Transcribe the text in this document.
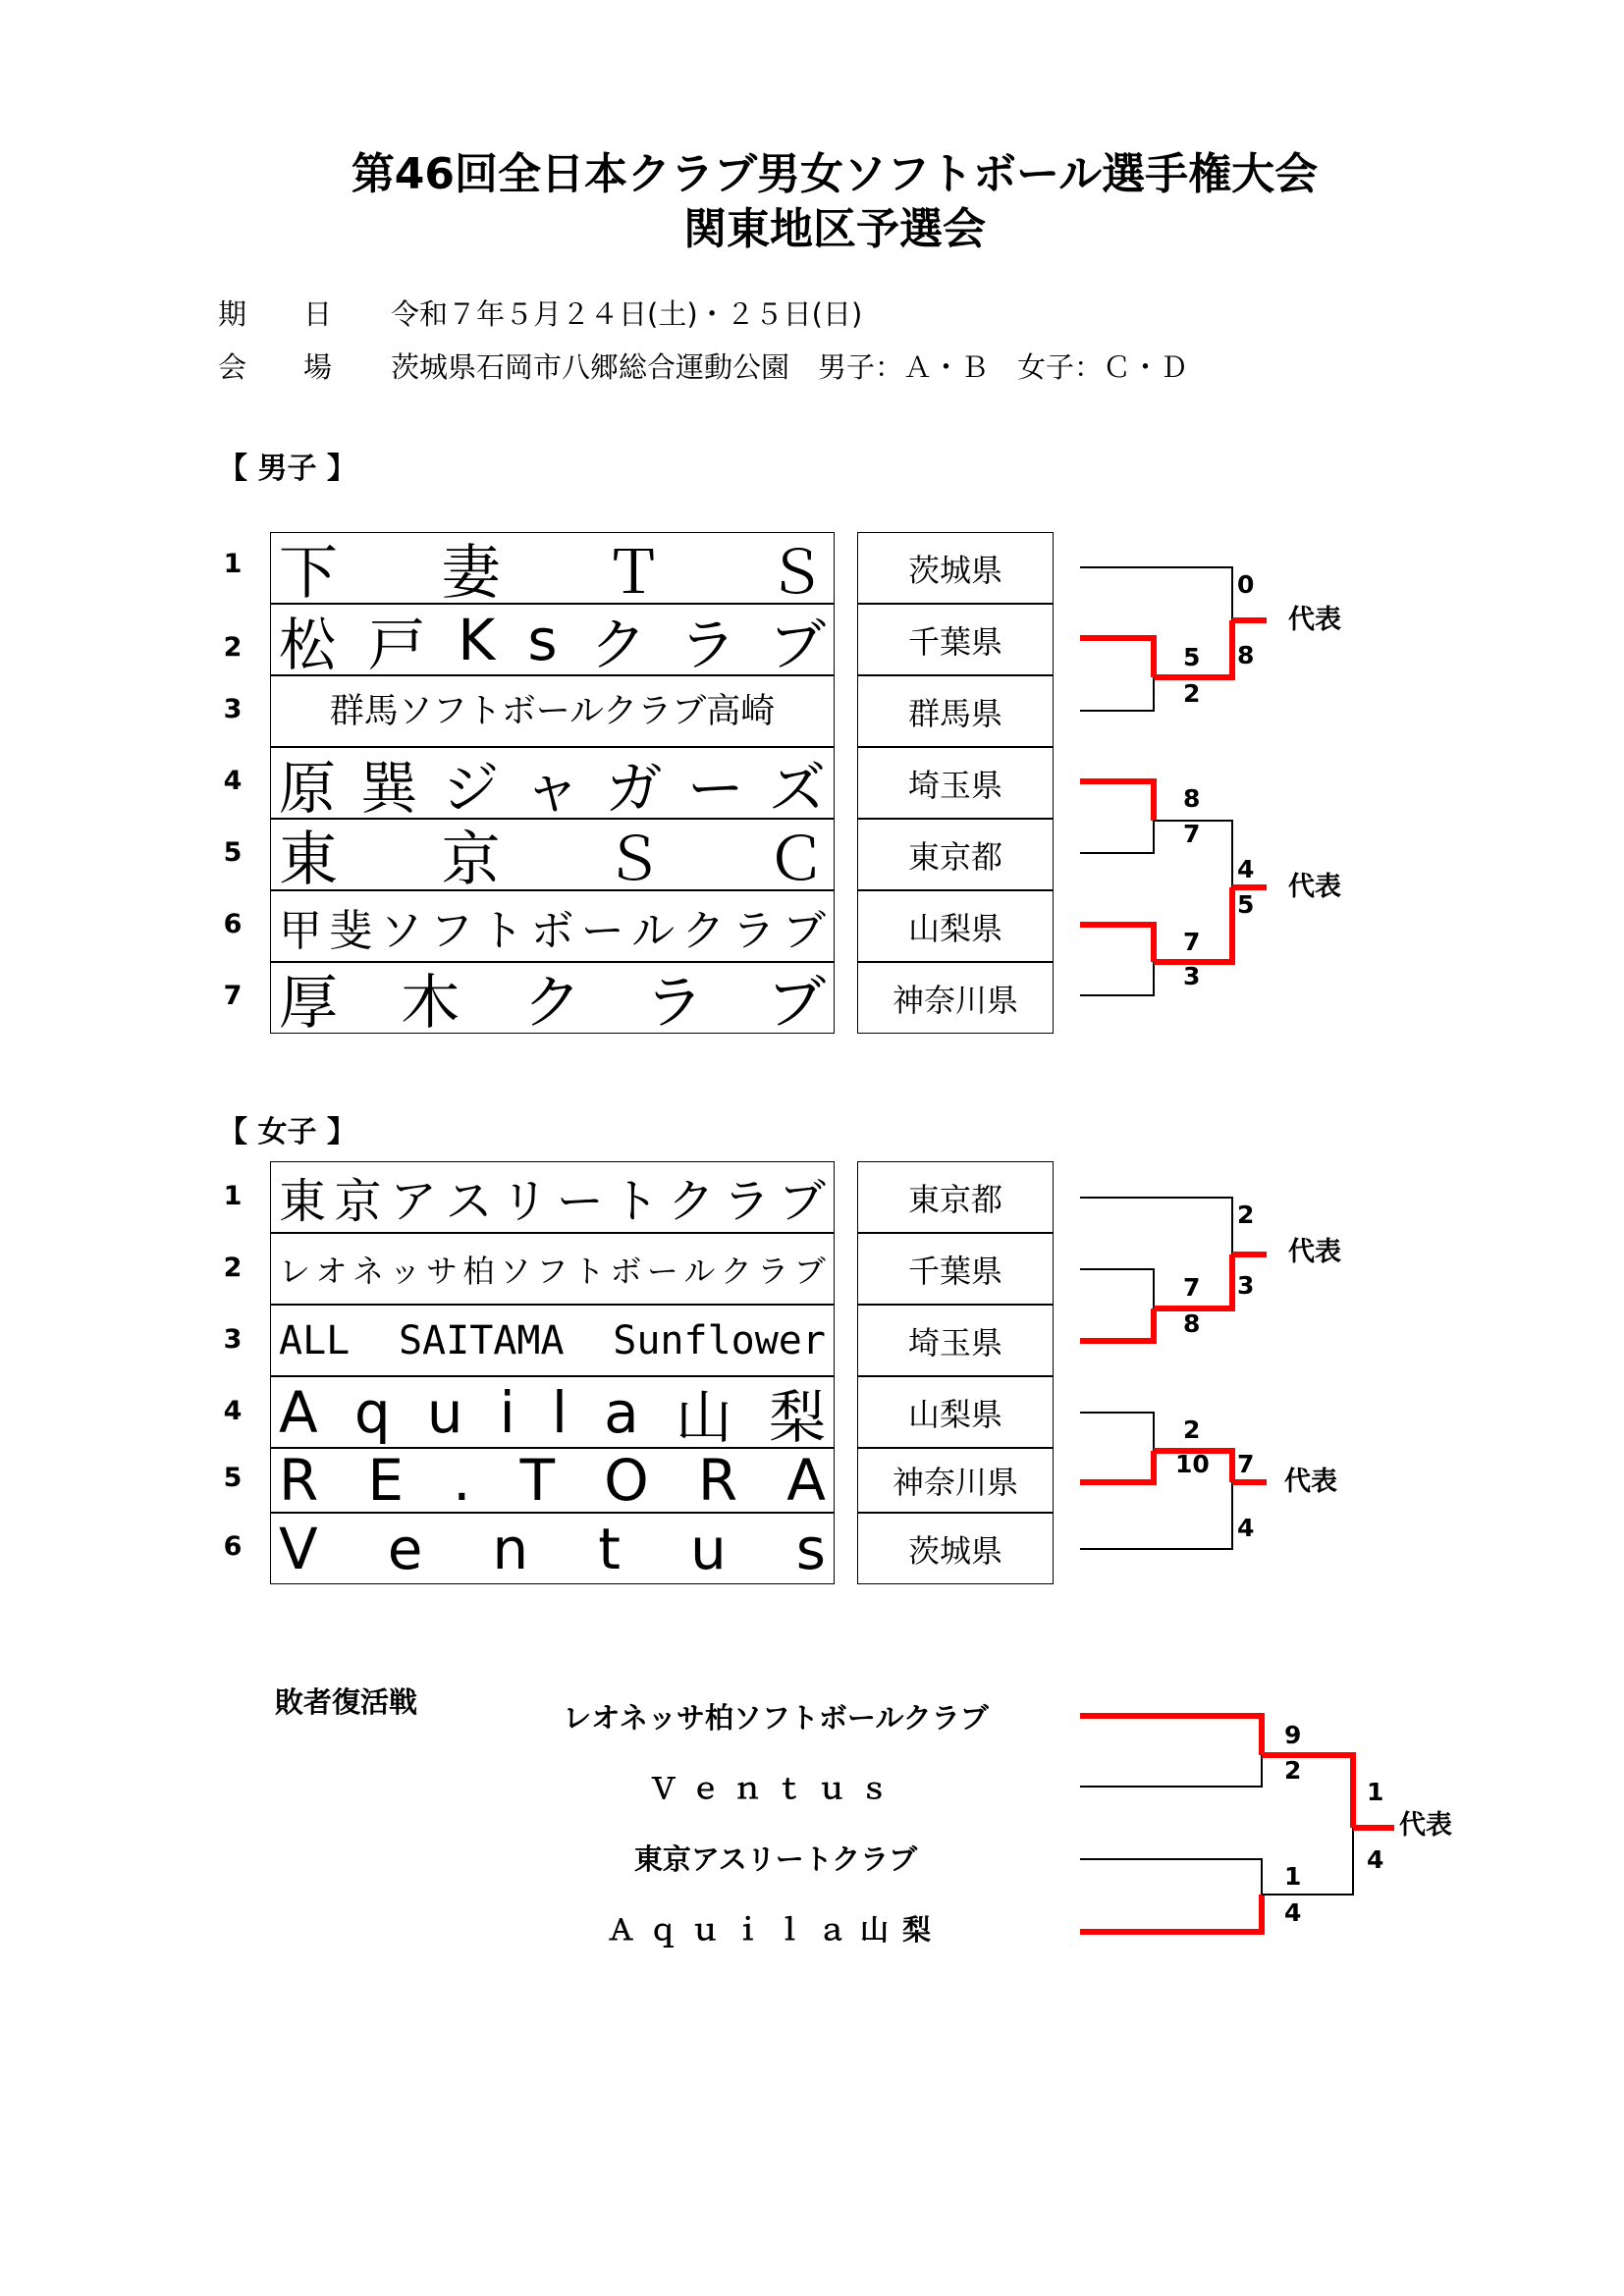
第46回全日本クラブ男女ソフトボール選手権大会
関東地区予選会
期　　日 令和７年５月２４日(土)・２５日(日)
会　　場 茨城県石岡市八郷総合運動公園　男子：Ａ・Ｂ　女子：Ｃ・Ｄ
【 男子 】
1 下 妻 Ｔ Ｓ	茨城県
2 松 戸 K s ク ラ ブ	千葉県
3	群馬ソフトボールクラブ高崎	群馬県
4 原 巽 ジ ャ ガ ー ズ	埼玉県
5 東 京 Ｓ Ｃ	東京都
6 甲 斐 ソ フ ト ボ ー ル ク ラ ブ	山梨県
7 厚 木 ク ラ ブ	神奈川県
5
2
0
8
8
7
7
3
4
5
代表
代表
【 女子 】
1 東 京 ア ス リ ー ト ク ラ ブ	東京都
2 レ オ ネ ッ サ 柏 ソ フ ト ボ ー ル ク ラ ブ	千葉県
3 ALL SAITAMA Sunflower	埼玉県
4 A q u i l a 山 梨	山梨県
5 R E . T O R A	神奈川県
6 V e n t u s	茨城県
7
8
2
3
2
10 7
4
代表
代表
敗者復活戦	レオネッサ柏ソフトボールクラブ
Ｖｅｎｔｕｓ
東京アスリートクラブ
Ａｑｕｉｌａ山梨
9
2
1
4
1
4
代表
